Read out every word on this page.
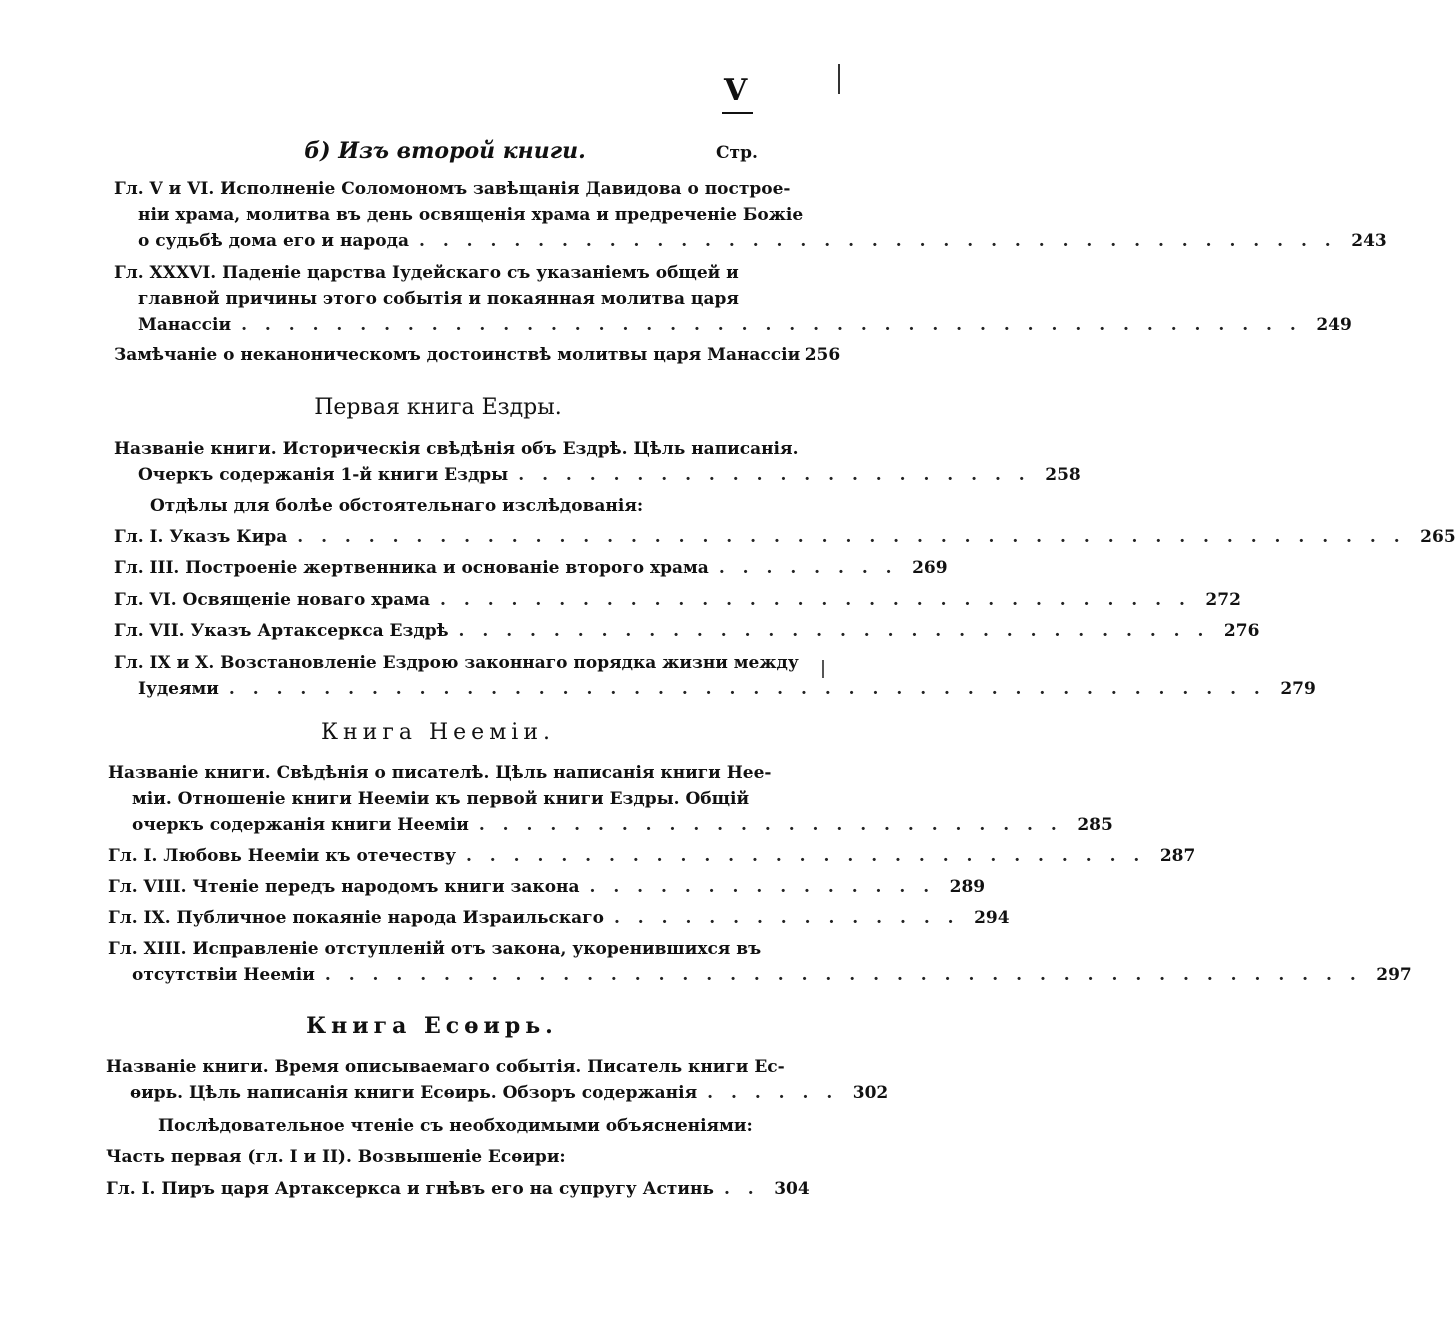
V
б) Изъ второй книги.	Стр.
Гл. V и VI. Исполненіе Соломономъ завѣщанія Давидова о построе-
ніи храма, молитва въ день освященія храма и предреченіе Божіе
о судьбѣ дома его и народа . . . . . . . . . . . . . . . . . . . . . . . . . . . . . . . . . . . . . . . 243
Гл. XXXVI. Паденіе царства Іудейскаго съ указаніемъ общей и
главной причины этого событія и покаянная молитва царя
Манассіи . . . . . . . . . . . . . . . . . . . . . . . . . . . . . . . . . . . . . . . . . . . . . 249
Замѣчаніе о неканоническомъ достоинствѣ молитвы царя Манассіи 256
Первая книга Ездры.
Названіе книги. Историческія свѣдѣнія объ Ездрѣ. Цѣль написанія.
Очеркъ содержанія 1-й книги Ездры . . . . . . . . . . . . . . . . . . . . . . 258
Отдѣлы для болѣе обстоятельнаго изслѣдованія:
Гл. I. Указъ Кира . . . . . . . . . . . . . . . . . . . . . . . . . . . . . . . . . . . . . . . . . . . . . . . 265
Гл. III. Построеніе жертвенника и основаніе второго храма . . . . . . . . 269
Гл. VI. Освященіе новаго храма . . . . . . . . . . . . . . . . . . . . . . . . . . . . . . . . 272
Гл. VII. Указъ Артаксеркса Ездрѣ . . . . . . . . . . . . . . . . . . . . . . . . . . . . . . . . 276
Гл. IX и X. Возстановленіе Ездрою законнаго порядка жизни между
Іудеями . . . . . . . . . . . . . . . . . . . . . . . . . . . . . . . . . . . . . . . . . . . . 279
Книга Неемiи.
Названіе книги. Свѣдѣнія о писателѣ. Цѣль написанія книги Нее-
міи. Отношеніе книги Неемiи къ первой книги Ездры. Общій
очеркъ содержанія книги Неемiи . . . . . . . . . . . . . . . . . . . . . . . . . 285
Гл. I. Любовь Неемiи къ отечеству . . . . . . . . . . . . . . . . . . . . . . . . . . . . . 287
Гл. VIII. Чтеніе передъ народомъ книги закона . . . . . . . . . . . . . . . 289
Гл. IX. Публичное покаяніе народа Израильскаго . . . . . . . . . . . . . . . 294
Гл. XIII. Исправленіе отступленій отъ закона, укоренившихся въ
отсутствіи Неемiи . . . . . . . . . . . . . . . . . . . . . . . . . . . . . . . . . . . . . . . . . . . . 297
Книга Есѳирь.
Названіе книги. Время описываемаго событія. Писатель книги Ес-
ѳирь. Цѣль написанія книги Есѳирь. Обзоръ содержанія . . . . . . 302
Послѣдовательное чтеніе съ необходимыми объясненіями:
Часть первая (гл. I и II). Возвышеніе Есѳири:
Гл. I. Пиръ царя Артаксеркса и гнѣвъ его на супругу Астинь . . 304
